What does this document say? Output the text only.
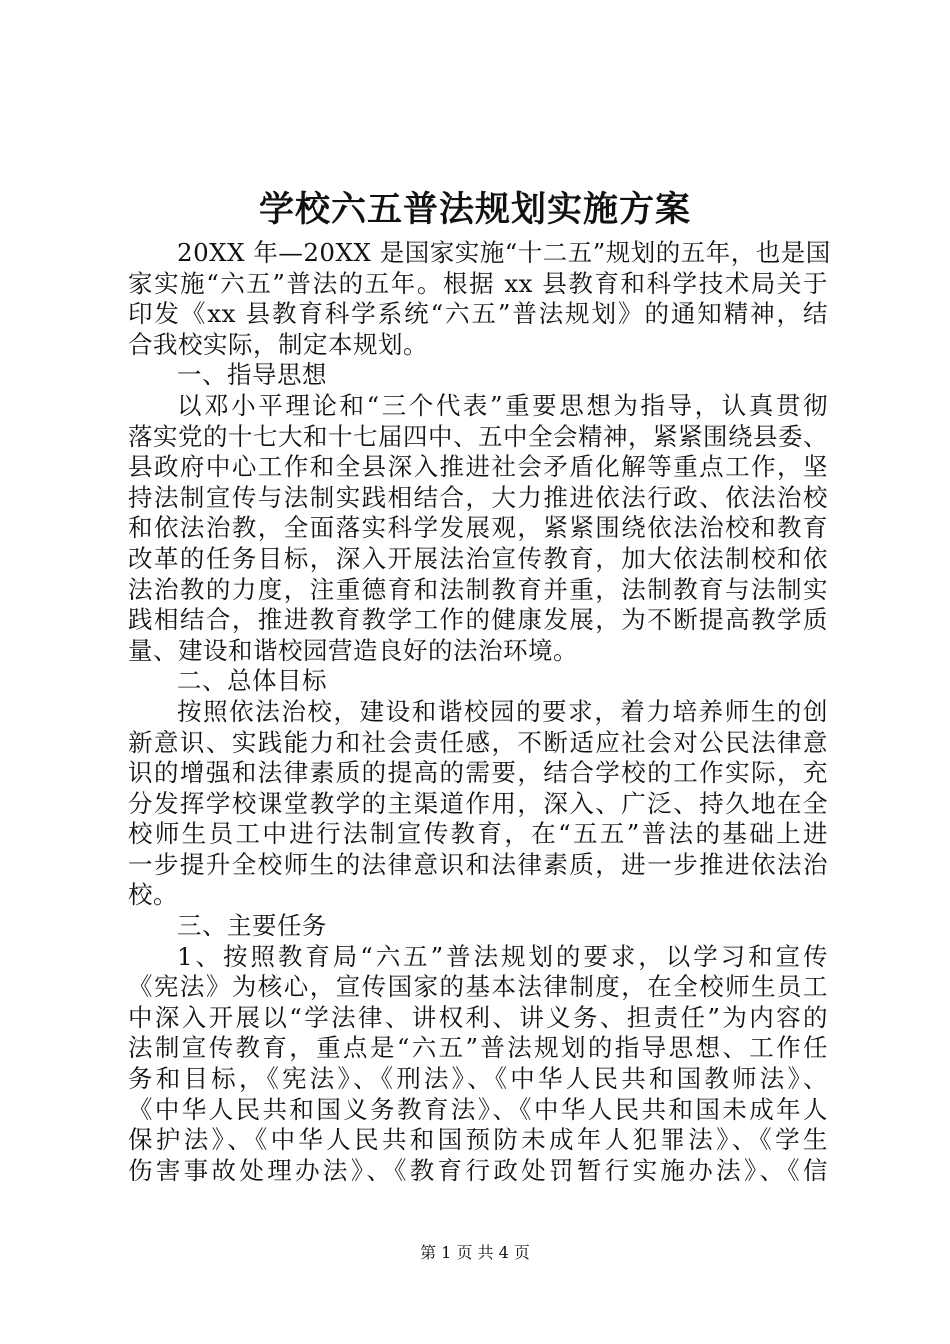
学校六五普法规划实施方案
20XX 年—20XX 是国家实施“十二五”规划的五年，也是国
家实施“六五”普法的五年。根据 xx 县教育和科学技术局关于
印发《xx 县教育科学系统“六五”普法规划》的通知精神，结
合我校实际，制定本规划。
一、指导思想
以邓小平理论和“三个代表”重要思想为指导，认真贯彻
落实党的十七大和十七届四中、五中全会精神，紧紧围绕县委、
县政府中心工作和全县深入推进社会矛盾化解等重点工作，坚
持法制宣传与法制实践相结合，大力推进依法行政、依法治校
和依法治教，全面落实科学发展观，紧紧围绕依法治校和教育
改革的任务目标，深入开展法治宣传教育，加大依法制校和依
法治教的力度，注重德育和法制教育并重，法制教育与法制实
践相结合，推进教育教学工作的健康发展，为不断提高教学质
量、建设和谐校园营造良好的法治环境。
二、总体目标
按照依法治校，建设和谐校园的要求，着力培养师生的创
新意识、实践能力和社会责任感，不断适应社会对公民法律意
识的增强和法律素质的提高的需要，结合学校的工作实际，充
分发挥学校课堂教学的主渠道作用，深入、广泛、持久地在全
校师生员工中进行法制宣传教育，在“五五”普法的基础上进
一步提升全校师生的法律意识和法律素质，进一步推进依法治
校。
三、主要任务
1、按照教育局“六五”普法规划的要求，以学习和宣传
《宪法》为核心，宣传国家的基本法律制度，在全校师生员工
中深入开展以“学法律、讲权利、讲义务、担责任”为内容的
法制宣传教育，重点是“六五”普法规划的指导思想、工作任
务和目标，《宪法》、《刑法》、《中华人民共和国教师法》、
《中华人民共和国义务教育法》、《中华人民共和国未成年人
保护法》、《中华人民共和国预防未成年人犯罪法》、《学生
伤害事故处理办法》、《教育行政处罚暂行实施办法》、《信
第 1 页 共 4 页
